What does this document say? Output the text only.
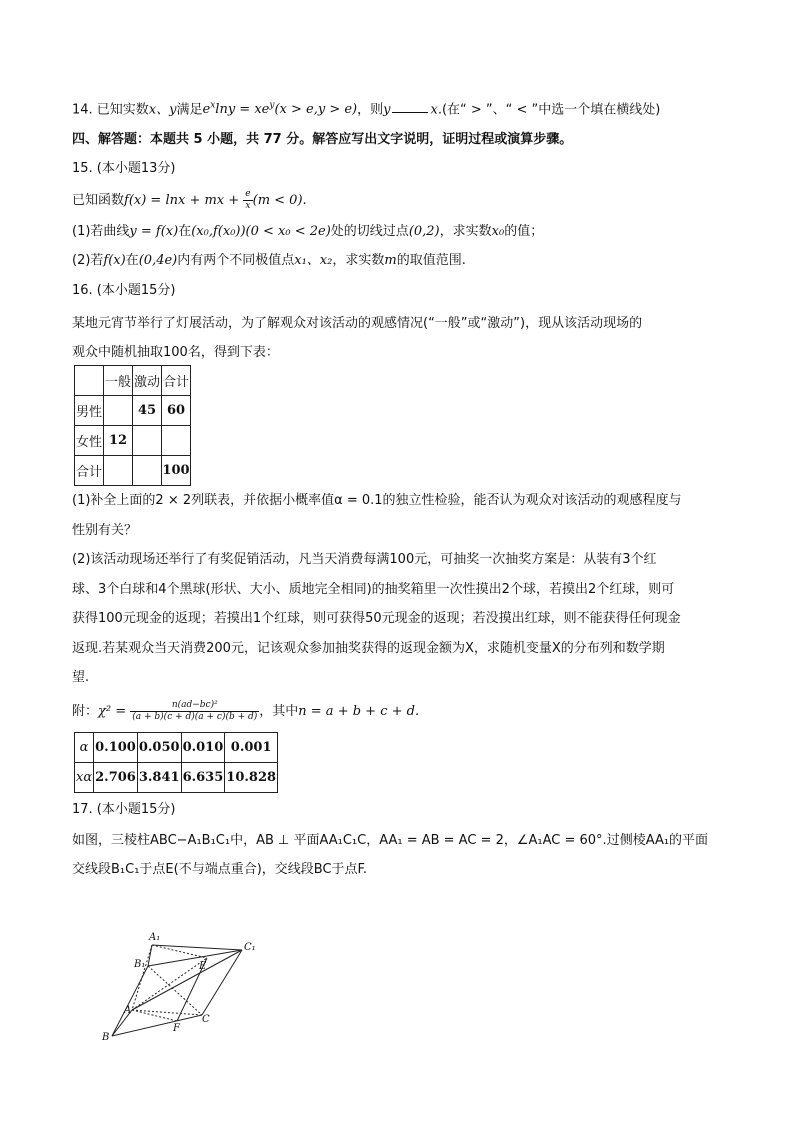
14. 已知实数x、y满足$e^x\ln y = xe^y(x > e,y > e)$，则y	x.(在“ > ”、“ < ”中选一个填在横线处)
四、解答题：本题共 5 小题，共 77 分。解答应写出文字说明，证明过程或演算步骤。
15. (本小题13分)
已知函数f(x) = lnx + mx + $\frac{e}{x} (m < 0)$.
(1)若曲线y = f(x)在(x₀,f(x₀))(0 < x₀ < 2e)处的切线过点(0,2)，求实数x₀的值；
(2)若f(x)在(0,4e)内有两个不同极值点x₁、x₂，求实数m的取值范围.
16. (本小题15分)
某地元宵节举行了灯展活动，为了解观众对该活动的观感情况(“一般”或“激动”)，现从该活动现场的
观众中随机抽取100名，得到下表：
	一般	激动	合计
男性		45	60
女性	12		
合计			100
(1)补全上面的2 × 2列联表，并依据小概率值α = 0.1的独立性检验，能否认为观众对该活动的观感程度与
性别有关？
(2)该活动现场还举行了有奖促销活动，凡当天消费每满100元，可抽奖一次抽奖方案是：从装有3个红
球、3个白球和4个黑球(形状、大小、质地完全相同)的抽奖箱里一次性摸出2个球，若摸出2个红球，则可
获得100元现金的返现；若摸出1个红球，则可获得50元现金的返现；若没摸出红球，则不能获得任何现金
返现.若某观众当天消费200元，记该观众参加抽奖获得的返现金额为X，求随机变量X的分布列和数学期
望.
附：$\chi^2 = \frac{\text{n(ad−bc)²}}{(a + b)(c + d)(a + c)(b + d)}$ ，其中n = a + b + c + d.
α	0.100	0.050	0.010	0.001
xα	2.706	3.841	6.635	10.828
17. (本小题15分)
如图，三棱柱ABC−A₁B₁C₁中，AB ⊥ 平面AA₁C₁C，AA₁ = AB = AC = 2，∠A₁AC = 60°.过侧棱AA₁的平面
交线段B₁C₁于点E(不与端点重合)，交线段BC于点F.
A₁
B₁
C₁
E
A
B
C
F
